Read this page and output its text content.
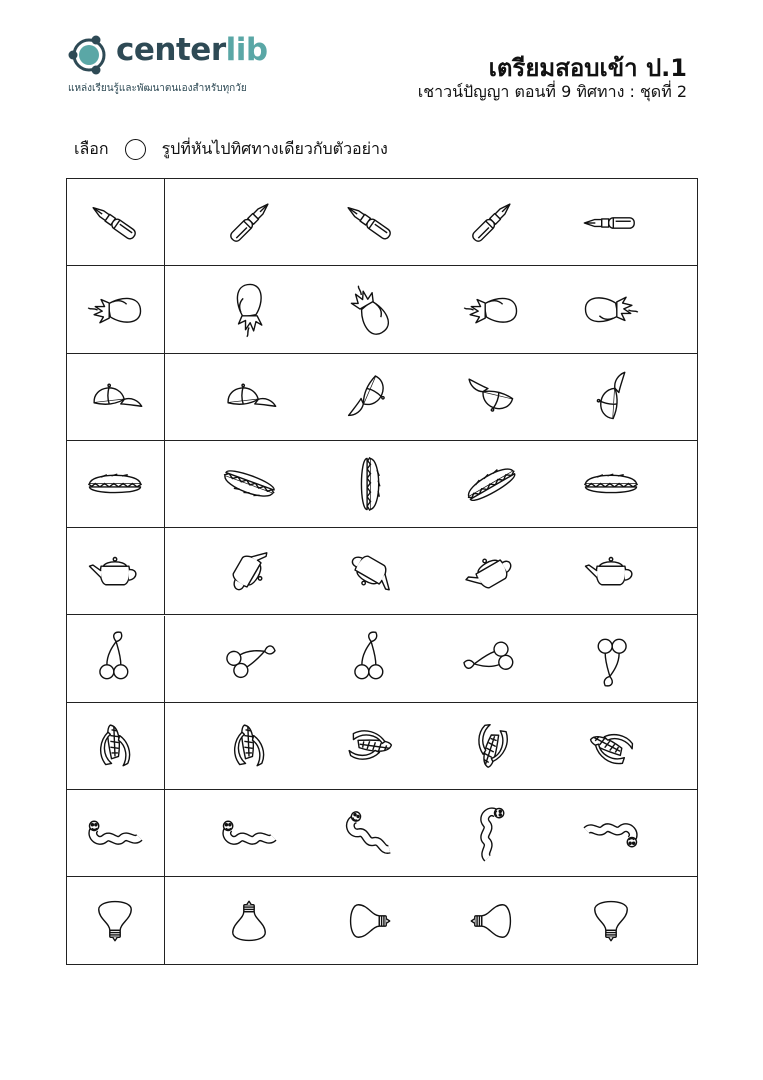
centerlib
แหล่งเรียนรู้และพัฒนาตนเองสำหรับทุกวัย
เตรียมสอบเข้า ป.1
เชาวน์ปัญญา ตอนที่ 9 ทิศทาง : ชุดที่ 2
เลือก	รูปที่หันไปทิศทางเดียวกับตัวอย่าง
